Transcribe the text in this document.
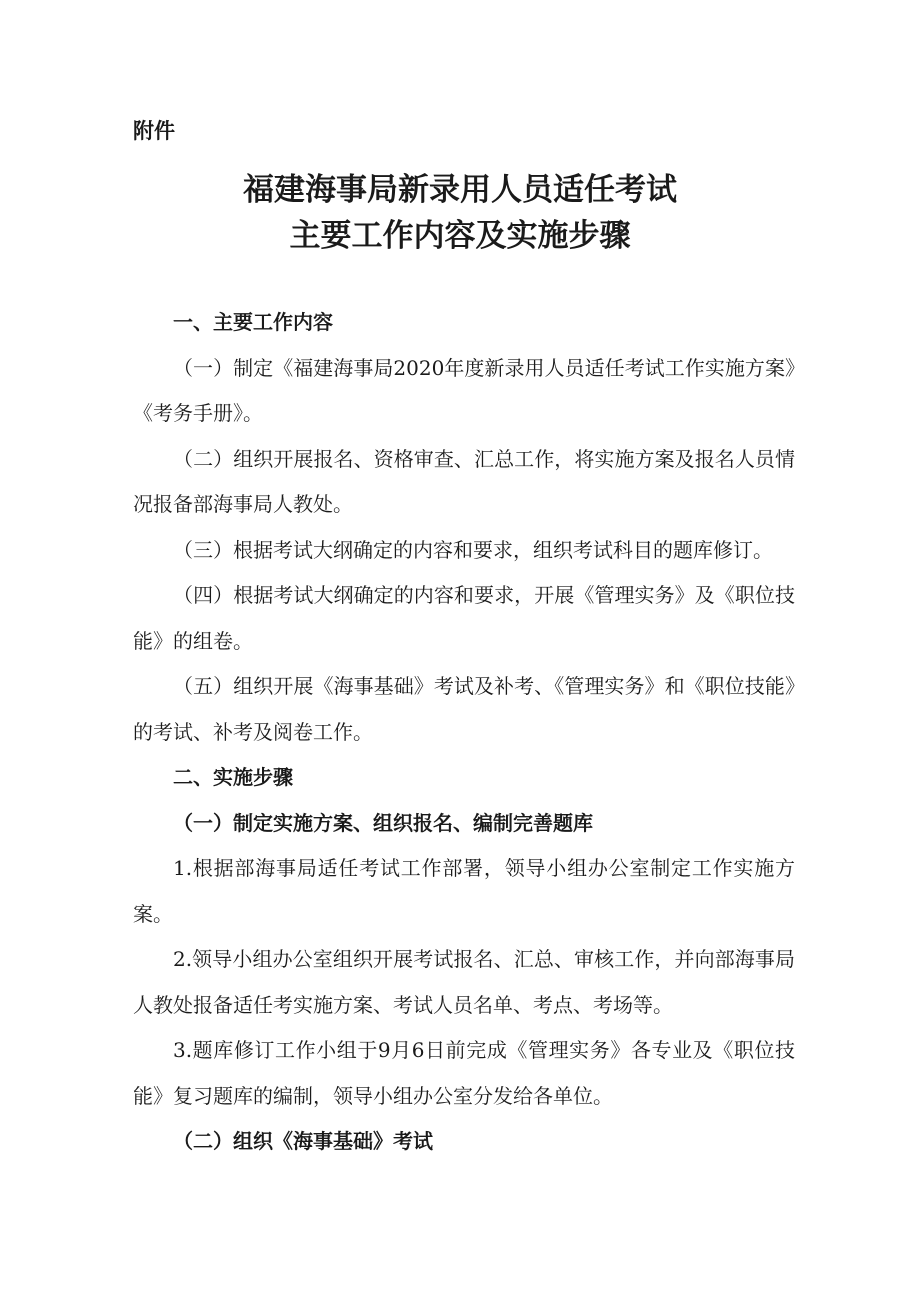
附件
福建海事局新录用人员适任考试
主要工作内容及实施步骤

一、主要工作内容

（一）制定《福建海事局2020年度新录用人员适任考试工作实施方案》《考务手册》。

（二）组织开展报名、资格审查、汇总工作，将实施方案及报名人员情况报备部海事局人教处。

（三）根据考试大纲确定的内容和要求，组织考试科目的题库修订。

（四）根据考试大纲确定的内容和要求，开展《管理实务》及《职位技能》的组卷。

（五）组织开展《海事基础》考试及补考、《管理实务》和《职位技能》的考试、补考及阅卷工作。

二、实施步骤

（一）制定实施方案、组织报名、编制完善题库

1.根据部海事局适任考试工作部署，领导小组办公室制定工作实施方案。

2.领导小组办公室组织开展考试报名、汇总、审核工作，并向部海事局人教处报备适任考实施方案、考试人员名单、考点、考场等。

3.题库修订工作小组于9月6日前完成《管理实务》各专业及《职位技能》复习题库的编制，领导小组办公室分发给各单位。

（二）组织《海事基础》考试
